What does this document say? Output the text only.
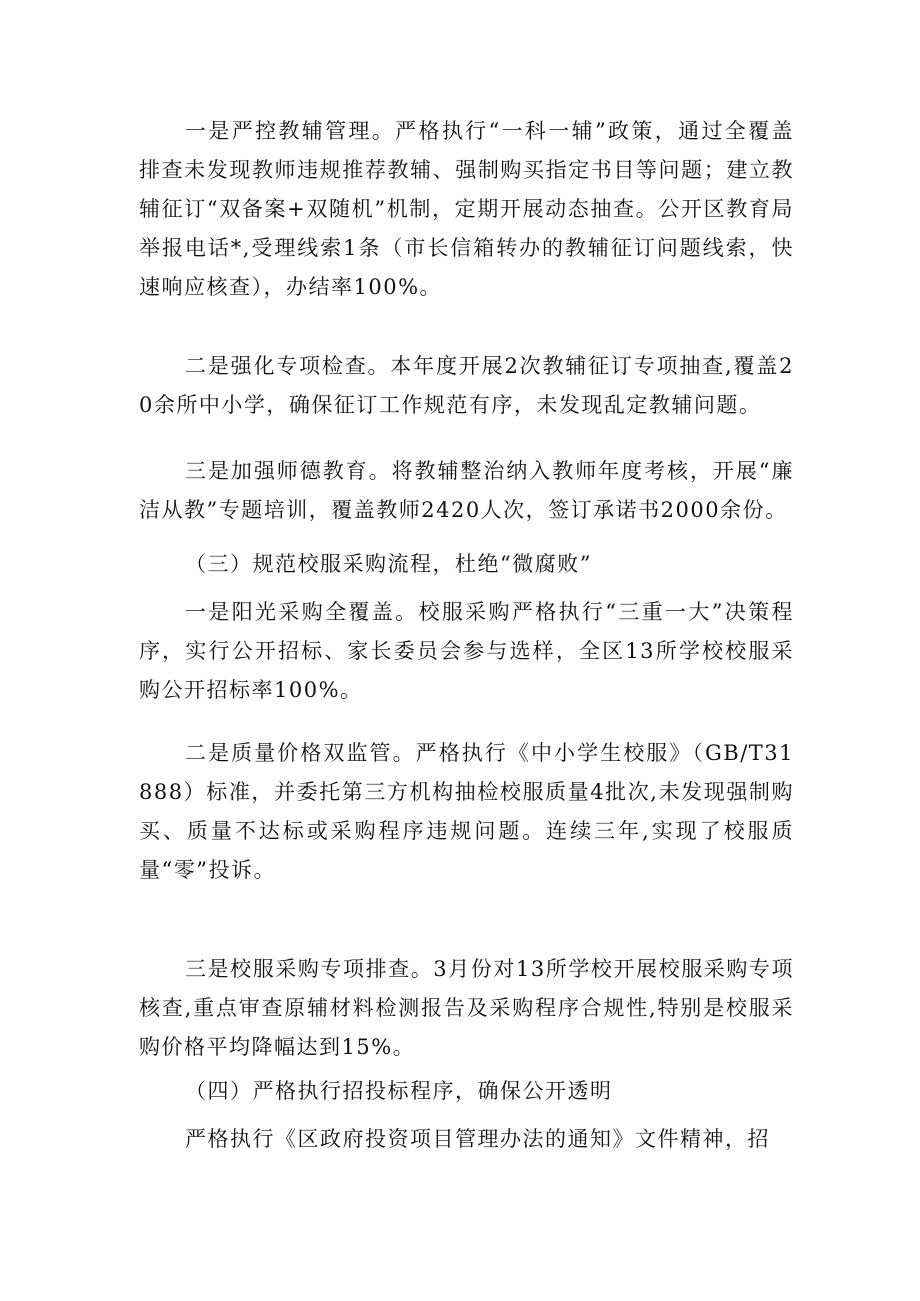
一是严控教辅管理。严格执行“一科一辅”政策，通过全覆盖排查未发现教师违规推荐教辅、强制购买指定书目等问题；建立教辅征订“双备案+双随机”机制，定期开展动态抽查。公开区教育局举报电话*,受理线索1条（市长信箱转办的教辅征订问题线索，快速响应核查），办结率100%。

二是强化专项检查。本年度开展2次教辅征订专项抽查,覆盖20余所中小学，确保征订工作规范有序，未发现乱定教辅问题。

三是加强师德教育。将教辅整治纳入教师年度考核，开展“廉洁从教”专题培训，覆盖教师2420人次，签订承诺书2000余份。

（三）规范校服采购流程，杜绝“微腐败”

一是阳光采购全覆盖。校服采购严格执行“三重一大”决策程序，实行公开招标、家长委员会参与选样，全区13所学校校服采购公开招标率100%。

二是质量价格双监管。严格执行《中小学生校服》（GB/T31888）标准，并委托第三方机构抽检校服质量4批次,未发现强制购买、质量不达标或采购程序违规问题。连续三年,实现了校服质量“零”投诉。

三是校服采购专项排查。3月份对13所学校开展校服采购专项核查,重点审查原辅材料检测报告及采购程序合规性,特别是校服采购价格平均降幅达到15%。

（四）严格执行招投标程序，确保公开透明

严格执行《区政府投资项目管理办法的通知》文件精神，招
